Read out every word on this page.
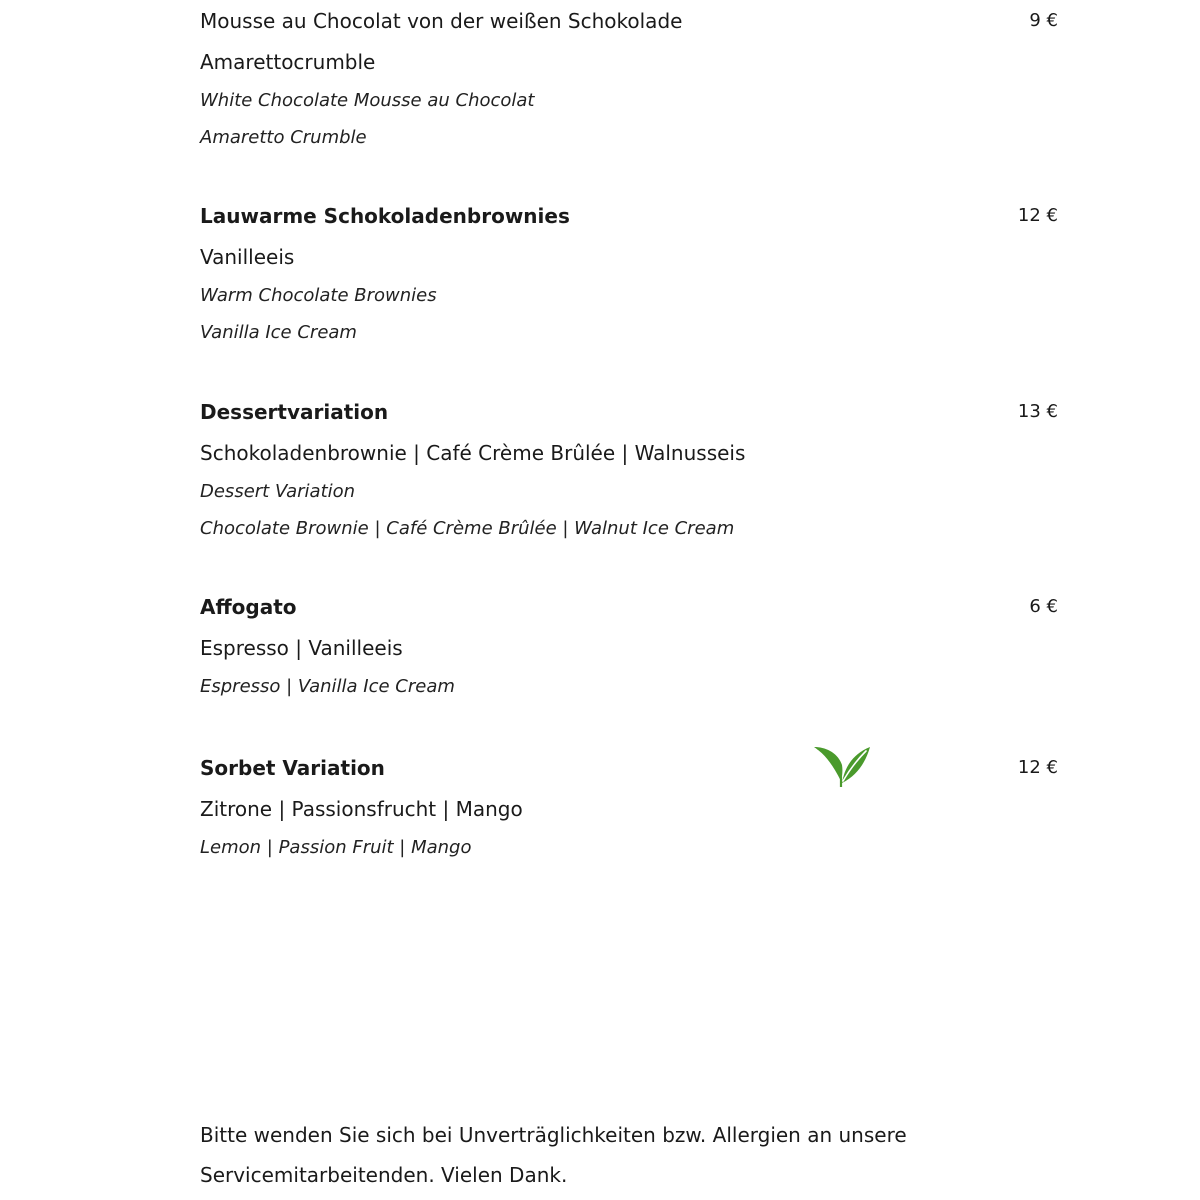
Mousse au Chocolat von der weißen Schokolade
Amarettocrumble
White Chocolate Mousse au Chocolat
Amaretto Crumble
9 €
Lauwarme Schokoladenbrownies
Vanilleeis
Warm Chocolate Brownies
Vanilla Ice Cream
12 €
Dessertvariation
Schokoladenbrownie | Café Crème Brûlée | Walnusseis
Dessert Variation
Chocolate Brownie | Café Crème Brûlée | Walnut Ice Cream
13 €
Affogato
Espresso | Vanilleeis
Espresso | Vanilla Ice Cream
6 €
Sorbet Variation
Zitrone | Passionsfrucht | Mango
Lemon | Passion Fruit | Mango
12 €
Bitte wenden Sie sich bei Unverträglichkeiten bzw. Allergien an unsere
Servicemitarbeitenden. Vielen Dank.
